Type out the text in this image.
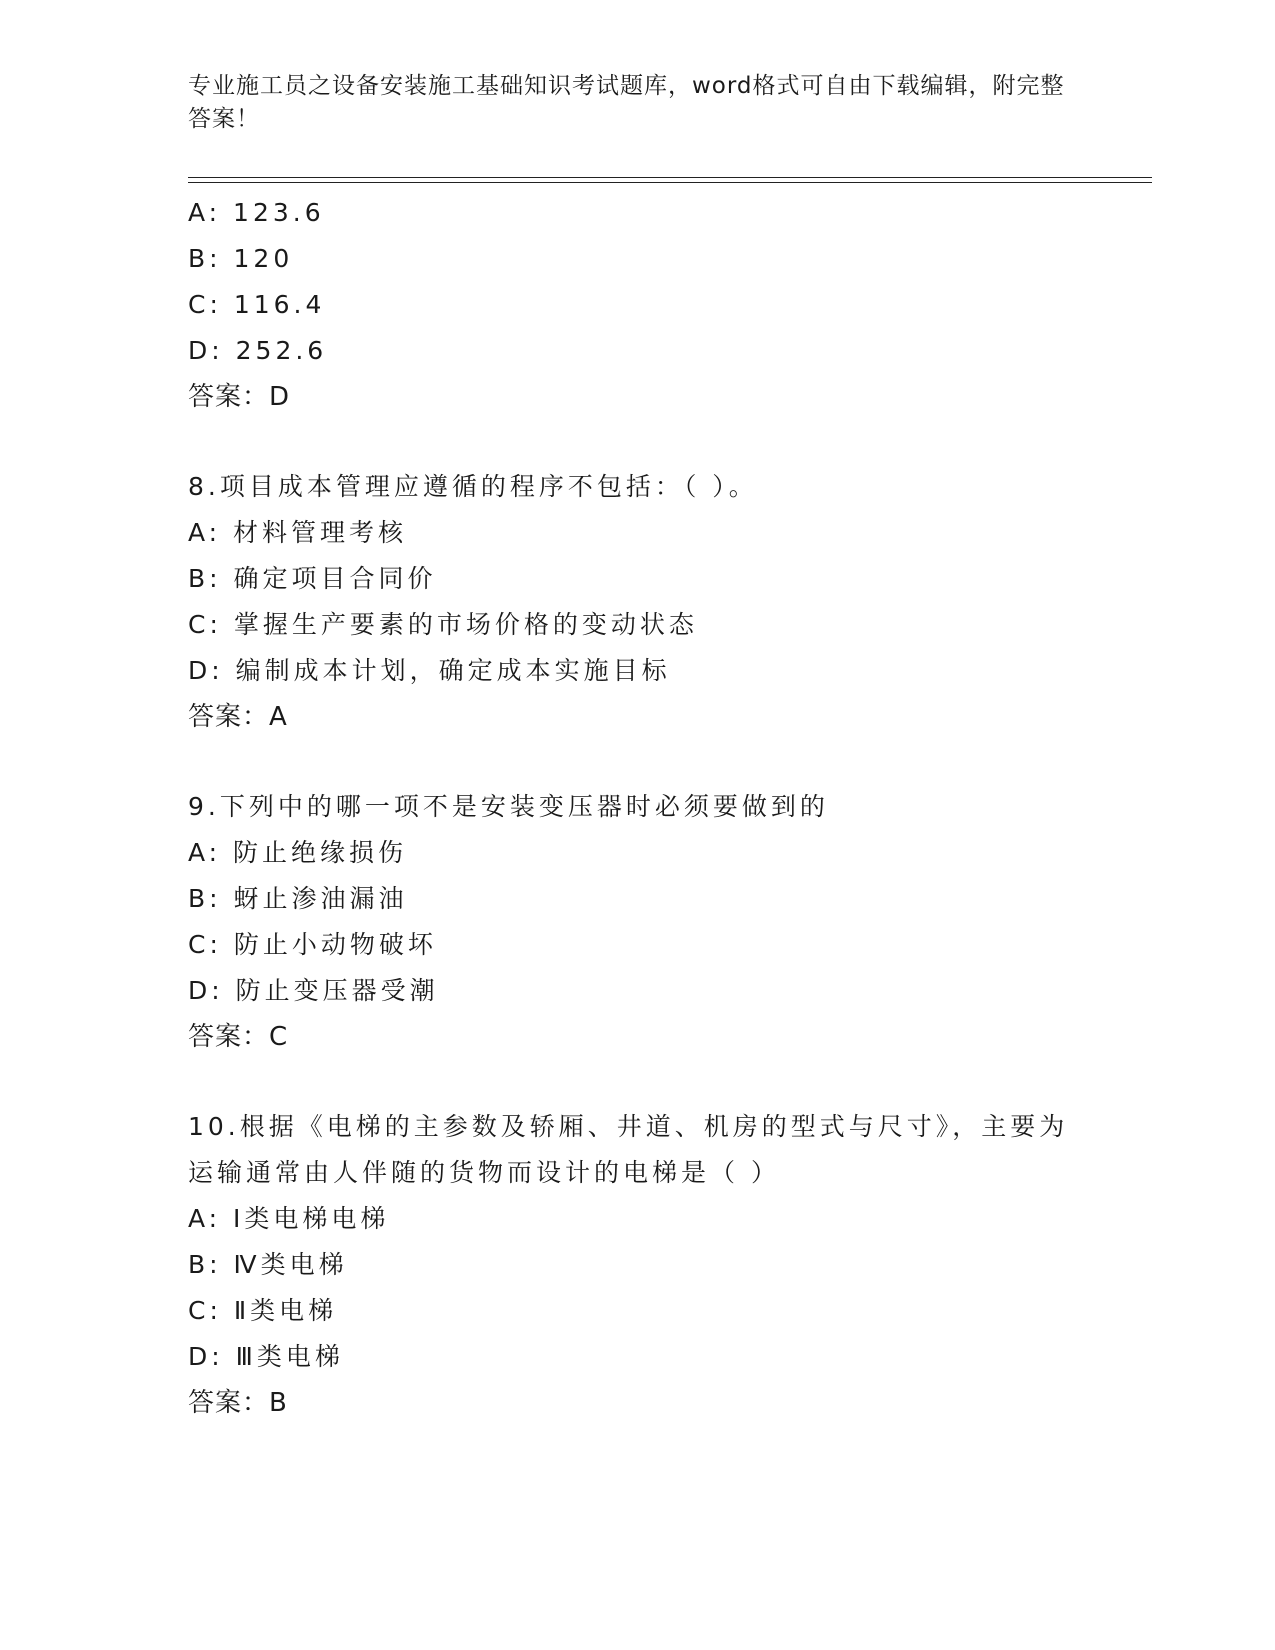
专业施工员之设备安装施工基础知识考试题库，word格式可自由下载编辑，附完整答案！
A: 123.6
B: 120
C: 116.4
D: 252.6
答案：D
8.项目成本管理应遵循的程序不包括：（ ）。
A: 材料管理考核
B: 确定项目合同价
C: 掌握生产要素的市场价格的变动状态
D: 编制成本计划，确定成本实施目标
答案：A
9.下列中的哪一项不是安装变压器时必须要做到的
A: 防止绝缘损伤
B: 蚜止渗油漏油
C: 防止小动物破坏
D: 防止变压器受潮
答案：C
10.根据《电梯的主参数及轿厢、井道、机房的型式与尺寸》，主要为运输通常由人伴随的货物而设计的电梯是（ ）
A: Ⅰ类电梯电梯
B: Ⅳ类电梯
C: Ⅱ类电梯
D: Ⅲ类电梯
答案：B
